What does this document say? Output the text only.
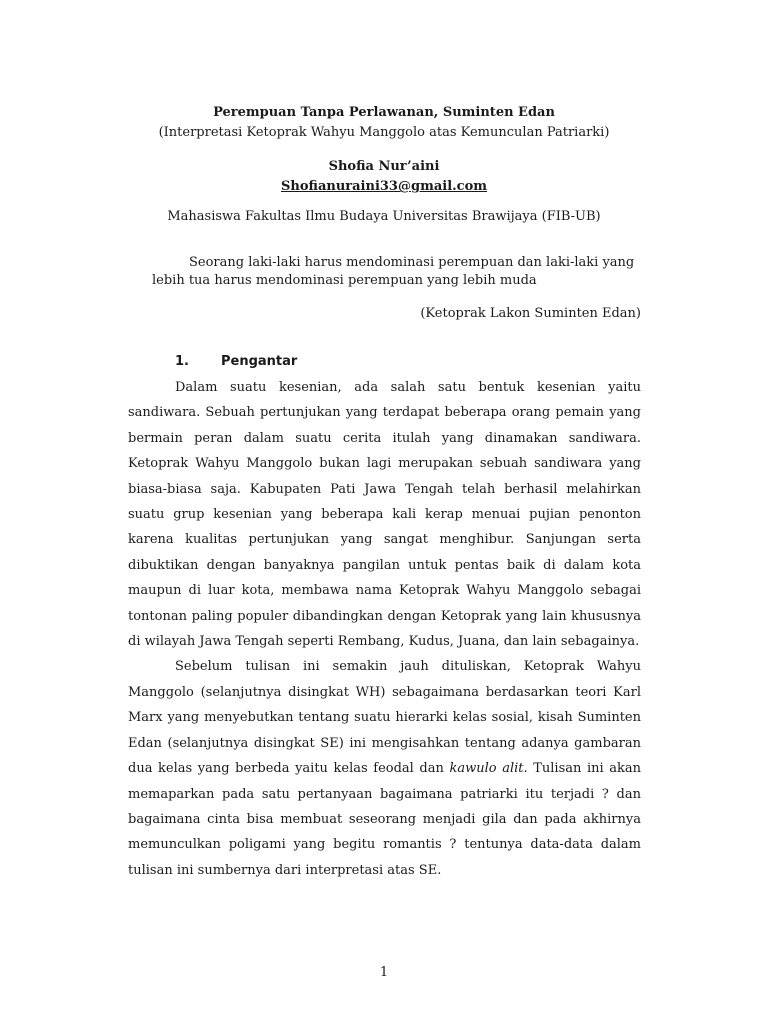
Perempuan Tanpa Perlawanan, Suminten Edan
(Interpretasi Ketoprak Wahyu Manggolo atas Kemunculan Patriarki)
Shofia Nur’aini
Shofianuraini33@gmail.com
Mahasiswa Fakultas Ilmu Budaya Universitas Brawijaya (FIB-UB)
Seorang laki-laki harus mendominasi perempuan dan laki-laki yang
lebih tua harus mendominasi perempuan yang lebih muda
(Ketoprak Lakon Suminten Edan)
1. Pengantar

Dalam suatu kesenian, ada salah satu bentuk kesenian yaitu sandiwara. Sebuah pertunjukan yang terdapat beberapa orang pemain yang bermain peran dalam suatu cerita itulah yang dinamakan sandiwara. Ketoprak Wahyu Manggolo bukan lagi merupakan sebuah sandiwara yang biasa-biasa saja. Kabupaten Pati Jawa Tengah telah berhasil melahirkan suatu grup kesenian yang beberapa kali kerap menuai pujian penonton karena kualitas pertunjukan yang sangat menghibur. Sanjungan serta dibuktikan dengan banyaknya pangilan untuk pentas baik di dalam kota maupun di luar kota, membawa nama Ketoprak Wahyu Manggolo sebagai tontonan paling populer dibandingkan dengan Ketoprak yang lain khususnya di wilayah Jawa Tengah seperti Rembang, Kudus, Juana, dan lain sebagainya.

Sebelum tulisan ini semakin jauh dituliskan, Ketoprak Wahyu Manggolo (selanjutnya disingkat WH) sebagaimana berdasarkan teori Karl Marx yang menyebutkan tentang suatu hierarki kelas sosial, kisah Suminten Edan (selanjutnya disingkat SE) ini mengisahkan tentang adanya gambaran dua kelas yang berbeda yaitu kelas feodal dan kawulo alit. Tulisan ini akan memaparkan pada satu pertanyaan bagaimana patriarki itu terjadi ? dan bagaimana cinta bisa membuat seseorang menjadi gila dan pada akhirnya memunculkan poligami yang begitu romantis ? tentunya data-data dalam tulisan ini sumbernya dari interpretasi atas SE.

1
